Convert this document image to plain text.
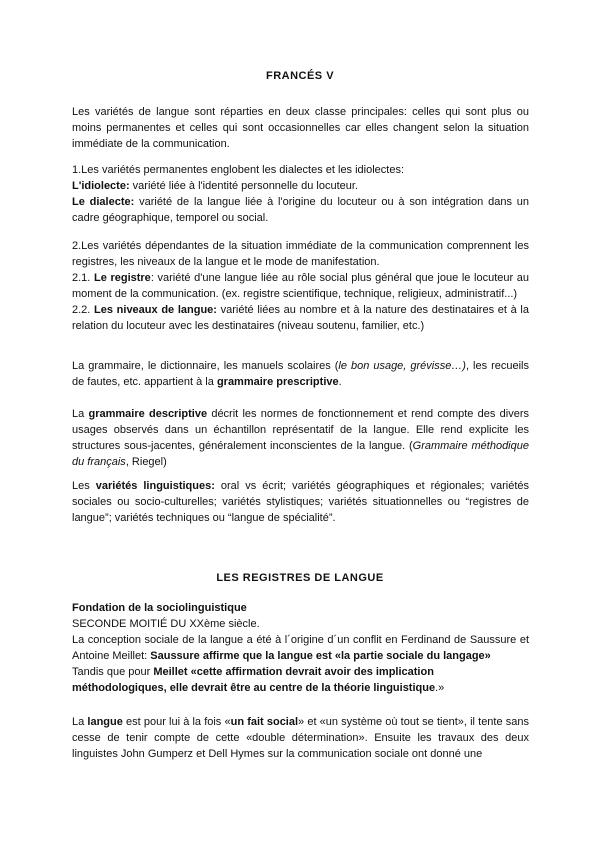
FRANCÉS V

Les variétés de langue sont réparties en deux classe principales: celles qui sont plus ou moins permanentes et celles qui sont occasionnelles car elles changent selon la situation immédiate de la communication.

1.Les variétés permanentes englobent les dialectes et les idiolectes:
L'idiolecte: variété liée à l'identité personnelle du locuteur.
Le dialecte: variété de la langue liée à l'origine du locuteur ou à son intégration dans un cadre géographique, temporel ou social.
2.Les variétés dépendantes de la situation immédiate de la communication comprennent les registres, les niveaux de la langue et le mode de manifestation.
2.1. Le registre: variété d'une langue liée au rôle social plus général que joue le locuteur au moment de la communication. (ex. registre scientifique, technique, religieux, administratif...)
2.2. Les niveaux de langue: variété liées au nombre et à la nature des destinataires et à la relation du locuteur avec les destinataires (niveau soutenu, familier, etc.)

La grammaire, le dictionnaire, les manuels scolaires (le bon usage, grévisse…), les recueils de fautes, etc. appartient à la grammaire prescriptive.

La grammaire descriptive décrit les normes de fonctionnement et rend compte des divers usages observés dans un échantillon représentatif de la langue. Elle rend explicite les structures sous-jacentes, généralement inconscientes de la langue. (Grammaire méthodique du français, Riegel)

Les variétés linguistiques: oral vs écrit; variétés géographiques et régionales; variétés sociales ou socio-culturelles; variétés stylistiques; variétés situationnelles ou “registres de langue”; variétés techniques ou “langue de spécialité”.

LES REGISTRES DE LANGUE
Fondation de la sociolinguistique
SECONDE MOITIÉ DU XXème siècle.
La conception sociale de la langue a été à l´origine d´un conflit en Ferdinand de Saussure et Antoine Meillet: Saussure affirme que la langue est «la partie sociale du langage»
Tandis que pour Meillet «cette affirmation devrait avoir des implication méthodologiques, elle devrait être au centre de la théorie linguistique.»

La langue est pour lui à la fois «un fait social» et «un système où tout se tient», il tente sans cesse de tenir compte de cette «double détermination». Ensuite les travaux des deux linguistes John Gumperz et Dell Hymes sur la communication sociale ont donné une
